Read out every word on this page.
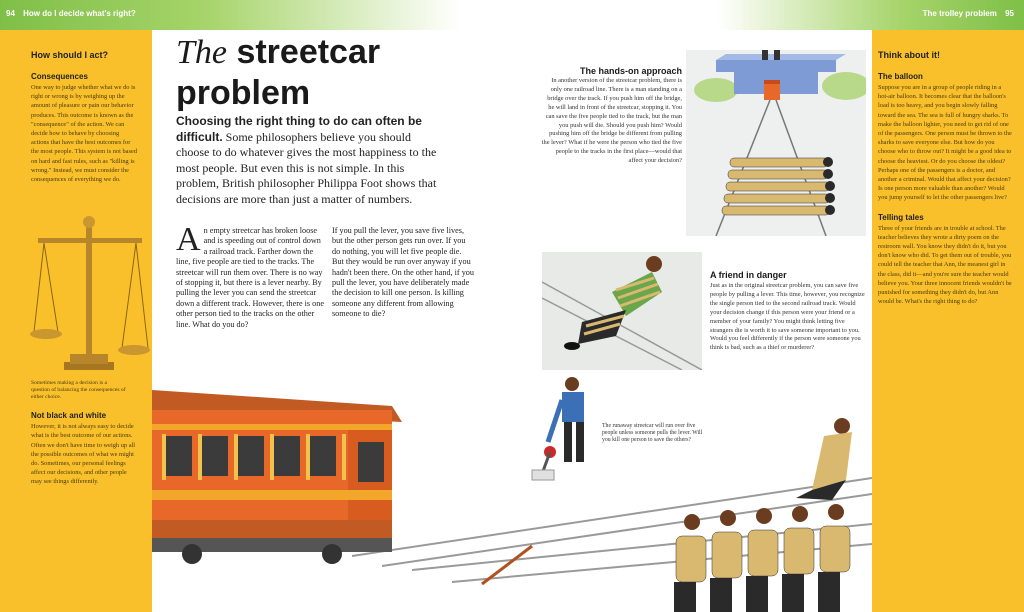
94 How do I decide what's right?	The trolley problem 95
How should I act?
Consequences
One way to judge whether what we do is right or wrong is by weighing up the amount of pleasure or pain our behavior produces. This outcome is known as the "consequence" of the action. We can decide how to behave by choosing actions that have the best outcomes for the most people. This system is not based on hard and fast rules, such as "killing is wrong." Instead, we must consider the consequences of everything we do.
Sometimes making a decision is a question of balancing the consequences of either choice.
Not black and white
However, it is not always easy to decide what is the best outcome of our actions. Often we don't have time to weigh up all the possible outcomes of what we might do. Sometimes, our personal feelings affect our decisions, and other people may see things differently.
The streetcar
problem
Choosing the right thing to do can often be difficult. Some philosophers believe you should choose to do whatever gives the most happiness to the most people. But even this is not simple. In this problem, British philosopher Philippa Foot shows that decisions are more than just a matter of numbers.
An empty streetcar has broken loose and is speeding out of control down a railroad track. Farther down the line, five people are tied to the tracks. The streetcar will run them over. There is no way of stopping it, but there is a lever nearby. By pulling the lever you can send the streetcar down a different track. However, there is one other person tied to the tracks on the other line. What do you do?
If you pull the lever, you save five lives, but the other person gets run over. If you do nothing, you will let five people die. But they would be run over anyway if you hadn't been there. On the other hand, if you pull the lever, you have deliberately made the decision to kill one person. Is killing someone any different from allowing someone to die?
The hands-on approach
In another version of the streetcar problem, there is only one railroad line. There is a man standing on a bridge over the track. If you push him off the bridge, he will land in front of the streetcar, stopping it. You can save the five people tied to the track, but the man you push will die. Should you push him? Would pushing him off the bridge be different from pulling the lever? What if he were the person who tied the five people to the tracks in the first place—would that affect your decision?
A friend in danger
Just as in the original streetcar problem, you can save five people by pulling a lever. This time, however, you recognize the single person tied to the second railroad track. Would your decision change if this person were your friend or a member of your family? You might think letting five strangers die is worth it to save someone important to you. Would you feel differently if the person were someone you think is bad, such as a thief or murderer?
Think about it!
The balloon
Suppose you are in a group of people riding in a hot-air balloon. It becomes clear that the balloon's load is too heavy, and you begin slowly falling toward the sea. The sea is full of hungry sharks. To make the balloon lighter, you need to get rid of one of the passengers. One person must be thrown to the sharks to save everyone else. But how do you choose who to throw out? It might be a good idea to choose the heaviest. Or do you choose the oldest? Perhaps one of the passengers is a doctor, and another a criminal. Would that affect your decision? Is one person more valuable than another? Would you jump yourself to let the other passengers live?
Telling tales
Three of your friends are in trouble at school. The teacher believes they wrote a dirty poem on the restroom wall. You know they didn't do it, but you don't know who did. To get them out of trouble, you could tell the teacher that Ann, the meanest girl in the class, did it—and you're sure the teacher would believe you. Your three innocent friends wouldn't be punished for something they didn't do, but Ann would be. What's the right thing to do?
The runaway streetcar will run over five people unless someone pulls the lever. Will you kill one person to save the others?
